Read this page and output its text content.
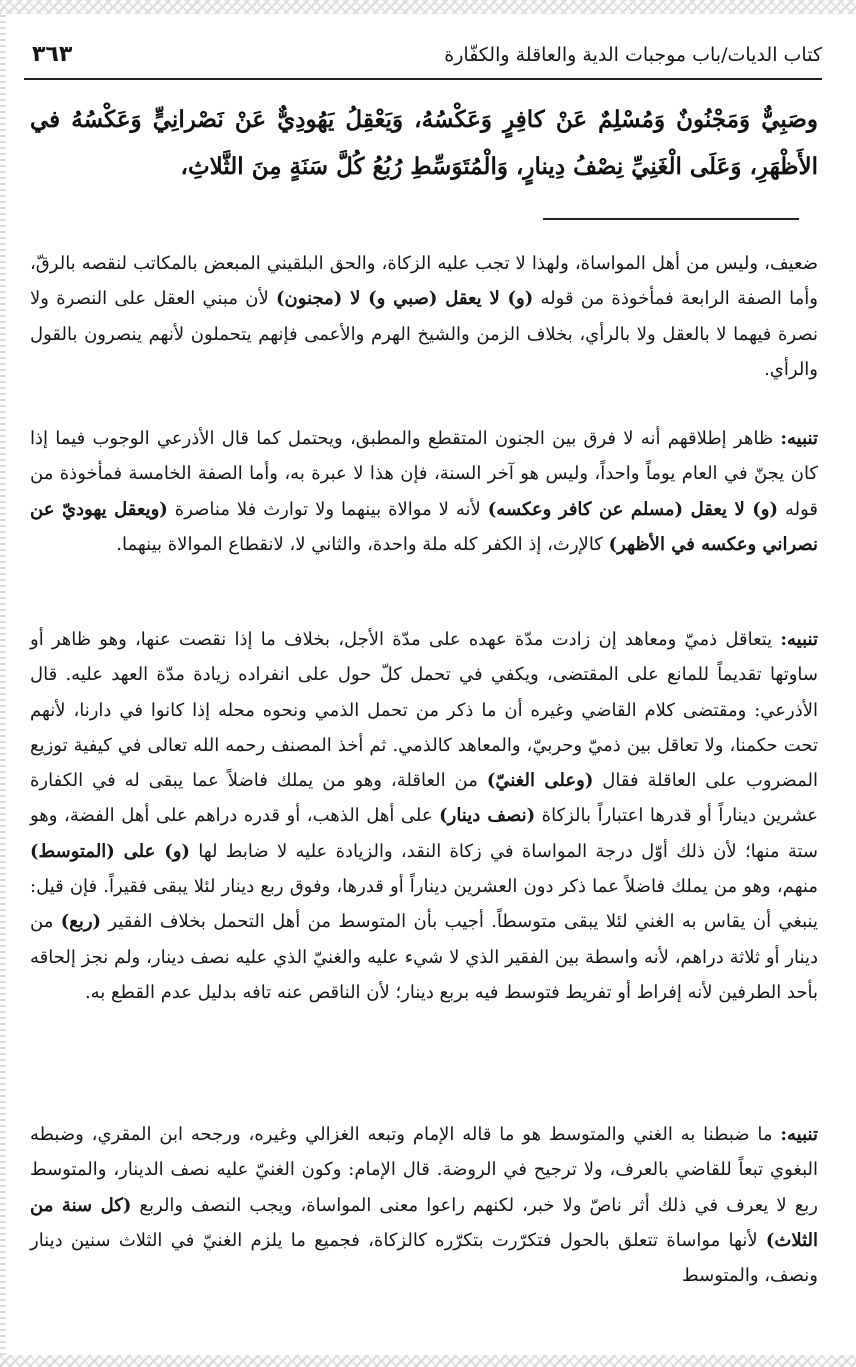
كتاب الديات/باب موجبات الدية والعاقلة والكفّارة
٣٦٣
وصَبِيٌّ وَمَجْنُونٌ وَمُسْلِمٌ عَنْ كافِرٍ وَعَكْسُهُ، وَيَعْقِلُ يَهُودِيٌّ عَنْ نَصْرانِيٍّ وَعَكْسُهُ في الأَظْهَرِ، وَعَلَى الْغَنِيِّ نِصْفُ دِينارٍ، وَالْمُتَوَسِّطِ رُبُعُ كُلَّ سَنَةٍ مِنَ الثَّلاثِ،

ضعيف، وليس من أهل المواساة، ولهذا لا تجب عليه الزكاة، والحق البلقيني المبعض بالمكاتب لنقصه بالرقّ، وأما الصفة الرابعة فمأخوذة من قوله (و) لا يعقل (صبي و) لا (مجنون) لأن مبني العقل على النصرة ولا نصرة فيهما لا بالعقل ولا بالرأي، بخلاف الزمن والشيخ الهرم والأعمى فإنهم يتحملون لأنهم ينصرون بالقول والرأي.

تنبيه: ظاهر إطلاقهم أنه لا فرق بين الجنون المتقطع والمطبق، ويحتمل كما قال الأذرعي الوجوب فيما إذا كان يجنّ في العام يوماً واحداً، وليس هو آخر السنة، فإن هذا لا عبرة به، وأما الصفة الخامسة فمأخوذة من قوله (و) لا يعقل (مسلم عن كافر وعكسه) لأنه لا موالاة بينهما ولا توارث فلا مناصرة (ويعقل يهوديّ عن نصراني وعكسه في الأظهر) كالإرث، إذ الكفر كله ملة واحدة، والثاني لا، لانقطاع الموالاة بينهما.

تنبيه: يتعاقل ذميّ ومعاهد إن زادت مدّة عهده على مدّة الأجل، بخلاف ما إذا نقصت عنها، وهو ظاهر أو ساوتها تقديماً للمانع على المقتضى، ويكفي في تحمل كلّ حول على انفراده زيادة مدّة العهد عليه. قال الأذرعي: ومقتضى كلام القاضي وغيره أن ما ذكر من تحمل الذمي ونحوه محله إذا كانوا في دارنا، لأنهم تحت حكمنا، ولا تعاقل بين ذميّ وحربيّ، والمعاهد كالذمي. ثم أخذ المصنف رحمه الله تعالى في كيفية توزيع المضروب على العاقلة فقال (وعلى الغنيّ) من العاقلة، وهو من يملك فاضلاً عما يبقى له في الكفارة عشرين ديناراً أو قدرها اعتباراً بالزكاة (نصف دينار) على أهل الذهب، أو قدره دراهم على أهل الفضة، وهو ستة منها؛ لأن ذلك أوّل درجة المواساة في زكاة النقد، والزيادة عليه لا ضابط لها (و) على (المتوسط) منهم، وهو من يملك فاضلاً عما ذكر دون العشرين ديناراً أو قدرها، وفوق ربع دينار لئلا يبقى فقيراً. فإن قيل: ينبغي أن يقاس به الغني لئلا يبقى متوسطاً. أجيب بأن المتوسط من أهل التحمل بخلاف الفقير (ربع) من دينار أو ثلاثة دراهم، لأنه واسطة بين الفقير الذي لا شيء عليه والغنيّ الذي عليه نصف دينار، ولم نجز إلحاقه بأحد الطرفين لأنه إفراط أو تفريط فتوسط فيه بربع دينار؛ لأن الناقص عنه تافه بدليل عدم القطع به.

تنبيه: ما ضبطنا به الغني والمتوسط هو ما قاله الإمام وتبعه الغزالي وغيره، ورجحه ابن المقري، وضبطه البغوي تبعاً للقاضي بالعرف، ولا ترجيح في الروضة. قال الإمام: وكون الغنيّ عليه نصف الدينار، والمتوسط ربع لا يعرف في ذلك أثر ناصّ ولا خبر، لكنهم راعوا معنى المواساة، ويجب النصف والربع (كل سنة من الثلاث) لأنها مواساة تتعلق بالحول فتكرّرت بتكرّره كالزكاة، فجميع ما يلزم الغنيّ في الثلاث سنين دينار ونصف، والمتوسط
